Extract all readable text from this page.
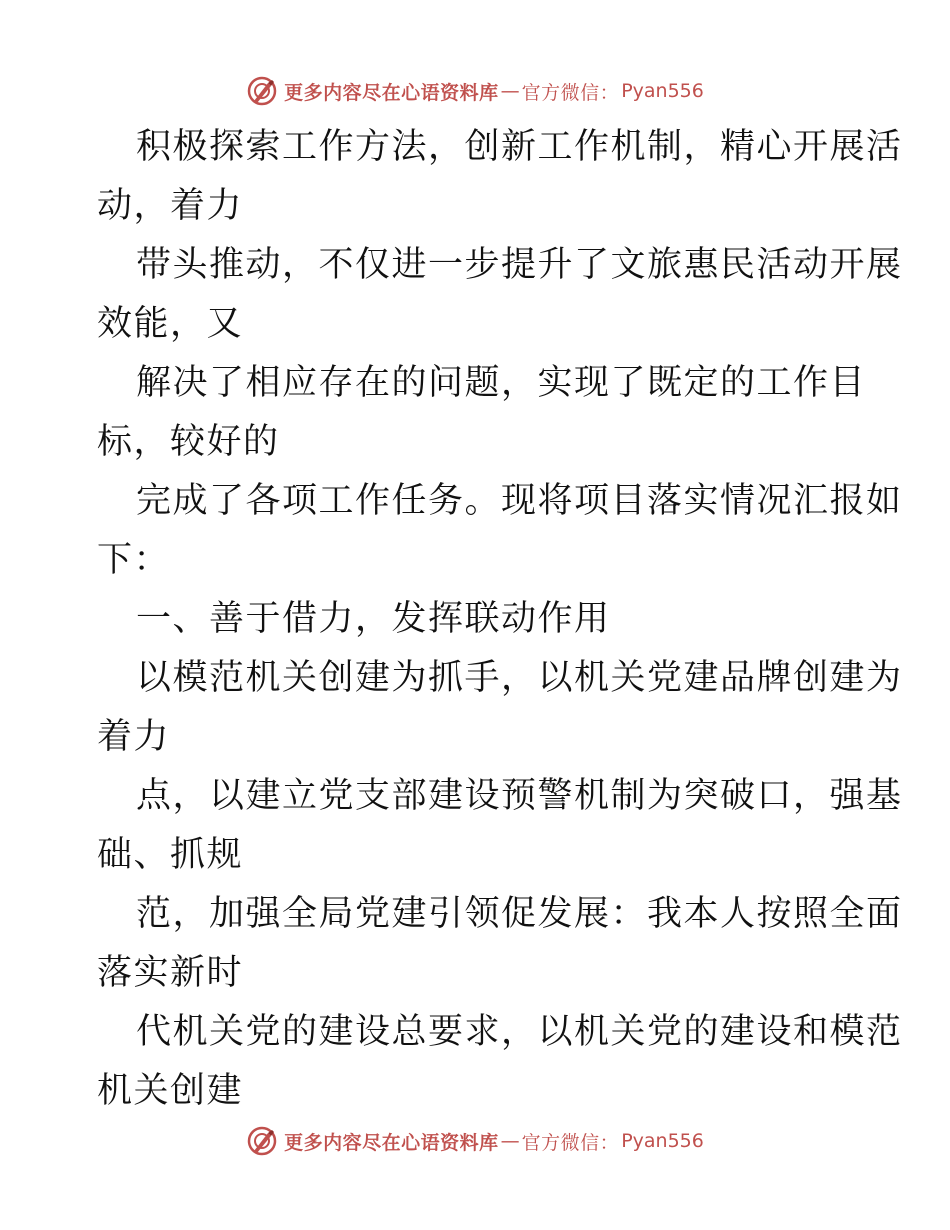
更多内容尽在心语资料库 — 官方微信： Pyan556
积极探索工作方法，创新工作机制，精心开展活
动，着力
带头推动，不仅进一步提升了文旅惠民活动开展
效能，又
解决了相应存在的问题，实现了既定的工作目
标，较好的
完成了各项工作任务。现将项目落实情况汇报如
下：
一、善于借力，发挥联动作用
以模范机关创建为抓手，以机关党建品牌创建为
着力
点，以建立党支部建设预警机制为突破口，强基
础、抓规
范，加强全局党建引领促发展：我本人按照全面
落实新时
代机关党的建设总要求，以机关党的建设和模范
机关创建
更多内容尽在心语资料库 — 官方微信： Pyan556
